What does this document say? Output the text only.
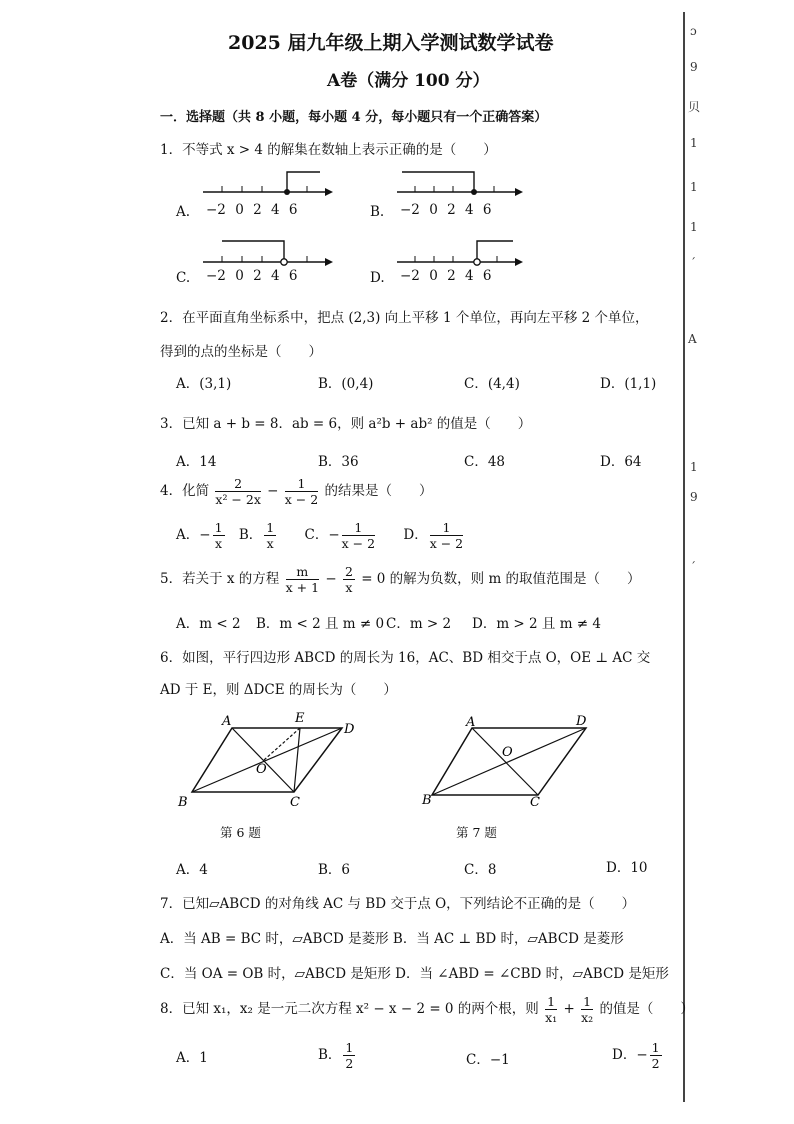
2025 届九年级上期入学测试数学试卷
A卷（满分 100 分）
一．选择题（共 8 小题，每小题 4 分，每小题只有一个正确答案）
1．不等式 x > 4 的解集在数轴上表示正确的是（　　）
A. −2 0 2 4 6	B. −2 0 2 4 6
C. −2 0 2 4 6	D. −2 0 2 4 6
2．在平面直角坐标系中，把点 (2,3) 向上平移 1 个单位，再向左平移 2 个单位，
得到的点的坐标是（　　）
A．(3,1)	B．(0,4)	C．(4,4)	D．(1,1)
3．已知 a + b = 8．ab = 6，则 a²b + ab² 的值是（　　）
A．14	B．36	C．48	D．64
4．化简 $\frac{2}{\text{x² − 2x}} - \frac{1}{x - 2}$ 的结果是（　　）
A．− $\frac{1}{x}$ B． $\frac{1}{x}$ C．− $\frac{1}{x - 2}$ D． $\frac{1}{x - 2}$
5．若关于 x 的方程 $\frac{m}{x + 1} - \frac{2}{x} = 0$ 的解为负数，则 m 的取值范围是（　　）
A．m < 2 B．m < 2 且 m ≠ 0 C．m > 2 D．m > 2 且 m ≠ 4
6．如图，平行四边形 ABCD 的周长为 16，AC、BD 相交于点 O，OE ⊥ AC 交
AD 于 E，则 ΔDCE 的周长为（　　）
A	E
D
O
B	C
A	D
O
B	C
第 6 题	第 7 题
A．4	B．6	C．8	D．10
7．已知▱ABCD 的对角线 AC 与 BD 交于点 O，下列结论不正确的是（　　）
A．当 AB = BC 时，▱ABCD 是菱形 B．当 AC ⊥ BD 时，▱ABCD 是菱形
C．当 OA = OB 时，▱ABCD 是矩形 D．当 ∠ABD = ∠CBD 时，▱ABCD 是矩形
8．已知 x₁，x₂ 是一元二次方程 x² − x − 2 = 0 的两个根，则 $\frac{1}{\text{x₁}} + \frac{1}{\text{x₂}}$ 的值是（　　）
A．1	B． $\frac{1}{2}$	C．−1	D．− $\frac{1}{2}$
ɔ
9
贝
1
1
1
ˊ
A
1
9
ˊ
